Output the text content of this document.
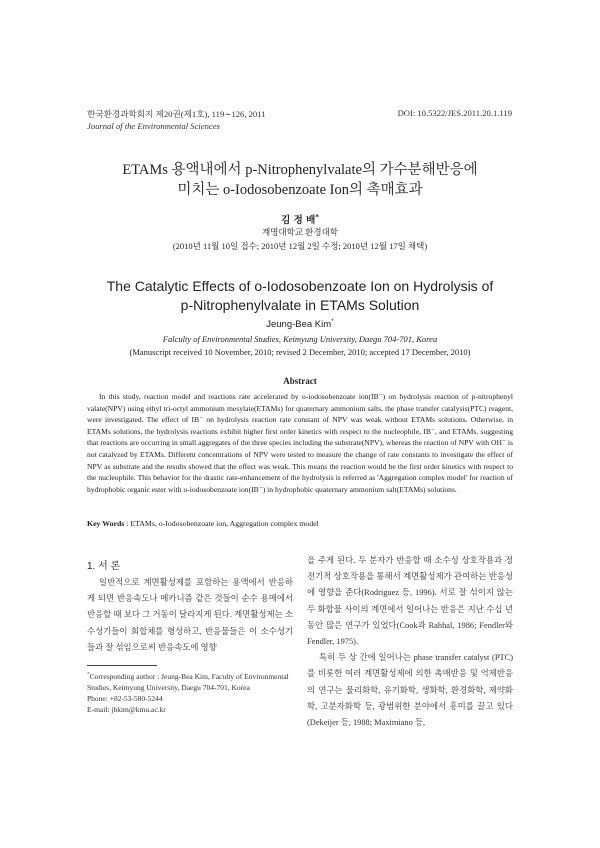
한국환경과학회지 제20권(제1호), 119∼126, 2011
Journal of the Environmental Sciences
DOI: 10.5322/JES.2011.20.1.119
ETAMs 용액내에서 p-Nitrophenylvalate의 가수분해반응에
미치는 o-Iodosobenzoate Ion의 촉매효과
김 정 배*
계명대학교 환경대학
(2010년 11월 10일 접수; 2010년 12월 2일 수정; 2010년 12월 17일 채택)
The Catalytic Effects of o-Iodosobenzoate Ion on Hydrolysis of
p-Nitrophenylvalate in ETAMs Solution
Jeung-Bea Kim*
Falculty of Environmental Studies, Keimyung University, Daegu 704-701, Korea
(Manuscript received 10 November, 2010; revised 2 December, 2010; accepted 17 December, 2010)
Abstract

In this study, reaction model and reactions rate accelerated by o-iodosobenzoate ion(IB⁻) on hydrolysis reaction of p-nitrophenyl valate(NPV) using ethyl tri-octyl ammonium mesylate(ETAMs) for quaternary ammonium salts, the phase transfer catalysis(PTC) reagent, were investigated. The effect of IB⁻ on hydrolysis reaction rate constant of NPV was weak without ETAMs solutions. Otherwise, in ETAMs solutions, the hydrolysis reactions exhibit higher first order kinetics with respect to the nucleophile, IB⁻, and ETAMs, suggesting that reactions are occurring in small aggregates of the three species including the substrate(NPV), whereas the reaction of NPV with OH⁻ is not catalyzed by ETAMs. Different concentrations of NPV were tested to measure the change of rate constants to investigate the effect of NPV as substrate and the results showed that the effect was weak. This means the reaction would be the first order kinetics with respect to the nucleophile. This behavior for the drastic rate-enhancement of the hydrolysis is referred as 'Aggregation complex model' for reaction of hydrophobic organic ester with o-iodosobenzoate ion(IB⁻) in hydrophobic quaternary ammonium salt(ETAMs) solutions.

Key Words : ETAMs, o-Iodosobenzoate ion, Aggregation complex model
1. 서 론

일반적으로 계면활성제를 포함하는 용액에서 반응하게 되면 반응속도나 메카니즘 같은 것들이 순수 용매에서 반응할 때 보다 그 거동이 달라지게 된다. 계면활성제는 소수성기들이 회합체를 형성하고, 반응물들은 이 소수성기들과 잘 섞임으로써 반응속도에 영향

을 주게 된다. 두 분자가 반응할 때 소수성 상호작용과 정전기적 상호작용을 통해서 계면활성제가 관여하는 반응성에 영향을 준다(Rodriguez 등, 1996). 서로 잘 섞이지 않는 두 화합물 사이의 계면에서 일어나는 반응은 지난 수십 년 동안 많은 연구가 있었다(Cook과 Rahhal, 1986; Fendler와 Fendler, 1975).

특히 두 상 간에 일어나는 phase transfer catalyst (PTC)를 비롯한 여러 계면활성제에 의한 촉매반응 및 억제반응의 연구는 물리화학, 유기화학, 생화학, 환경화학, 제약화학, 고분자화학 등, 광범위한 분야에서 흥미를 끌고 있다(Dekeijer 등, 1988; Maximiano 등,

*Corresponding author : Jeung-Bea Kim, Faculty of Environmental Studies, Keimyung University, Daegu 704-701, Korea
Phone: +82-53-580-5244
E-mail: jbkim@kmu.ac.kr
